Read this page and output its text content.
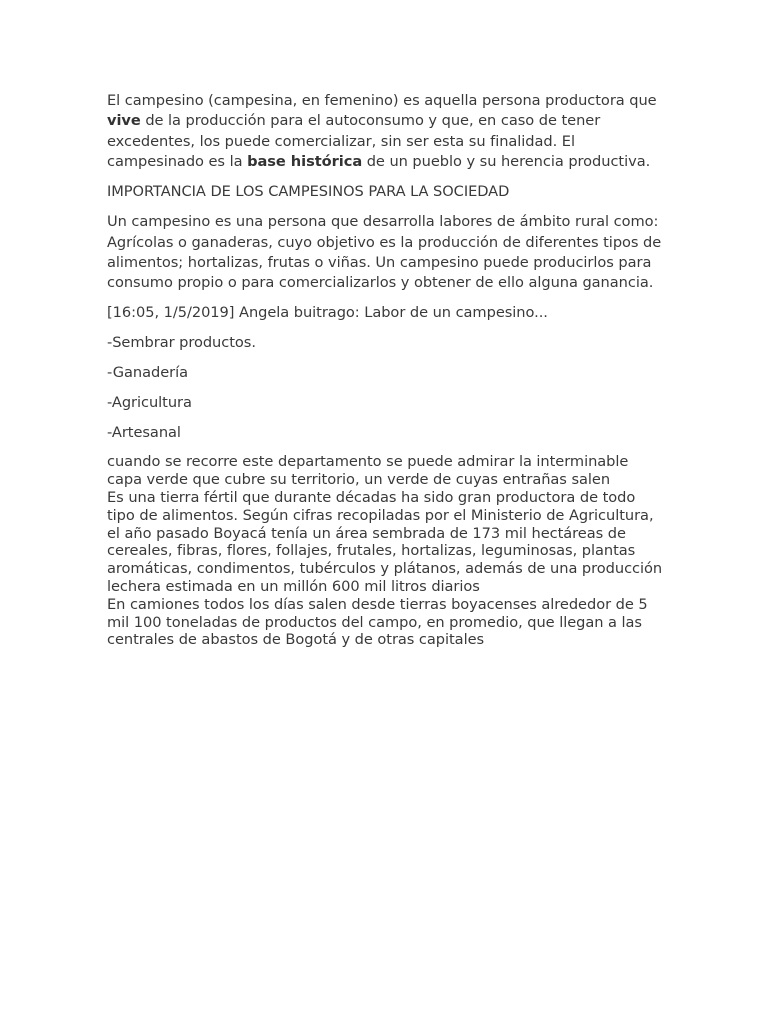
El campesino (campesina, en femenino) es aquella persona productora que vive de la producción para el autoconsumo y que, en caso de tener excedentes, los puede comercializar, sin ser esta su finalidad. El campesinado es la base histórica de un pueblo y su herencia productiva.

IMPORTANCIA DE LOS CAMPESINOS PARA LA SOCIEDAD

Un campesino es una persona que desarrolla labores de ámbito rural como: Agrícolas o ganaderas, cuyo objetivo es la producción de diferentes tipos de alimentos; hortalizas, frutas o viñas. Un campesino puede producirlos para consumo propio o para comercializarlos y obtener de ello alguna ganancia.

[16:05, 1/5/2019] Angela buitrago: Labor de un campesino...

-Sembrar productos.

-Ganadería

-Agricultura

-Artesanal

cuando se recorre este departamento se puede admirar la interminable capa verde que cubre su territorio, un verde de cuyas entrañas salen

Es una tierra fértil que durante décadas ha sido gran productora de todo tipo de alimentos. Según cifras recopiladas por el Ministerio de Agricultura, el año pasado Boyacá tenía un área sembrada de 173 mil hectáreas de cereales, fibras, flores, follajes, frutales, hortalizas, leguminosas, plantas aromáticas, condimentos, tubérculos y plátanos, además de una producción lechera estimada en un millón 600 mil litros diarios

En camiones todos los días salen desde tierras boyacenses alrededor de 5 mil 100 toneladas de productos del campo, en promedio, que llegan a las centrales de abastos de Bogotá y de otras capitales
